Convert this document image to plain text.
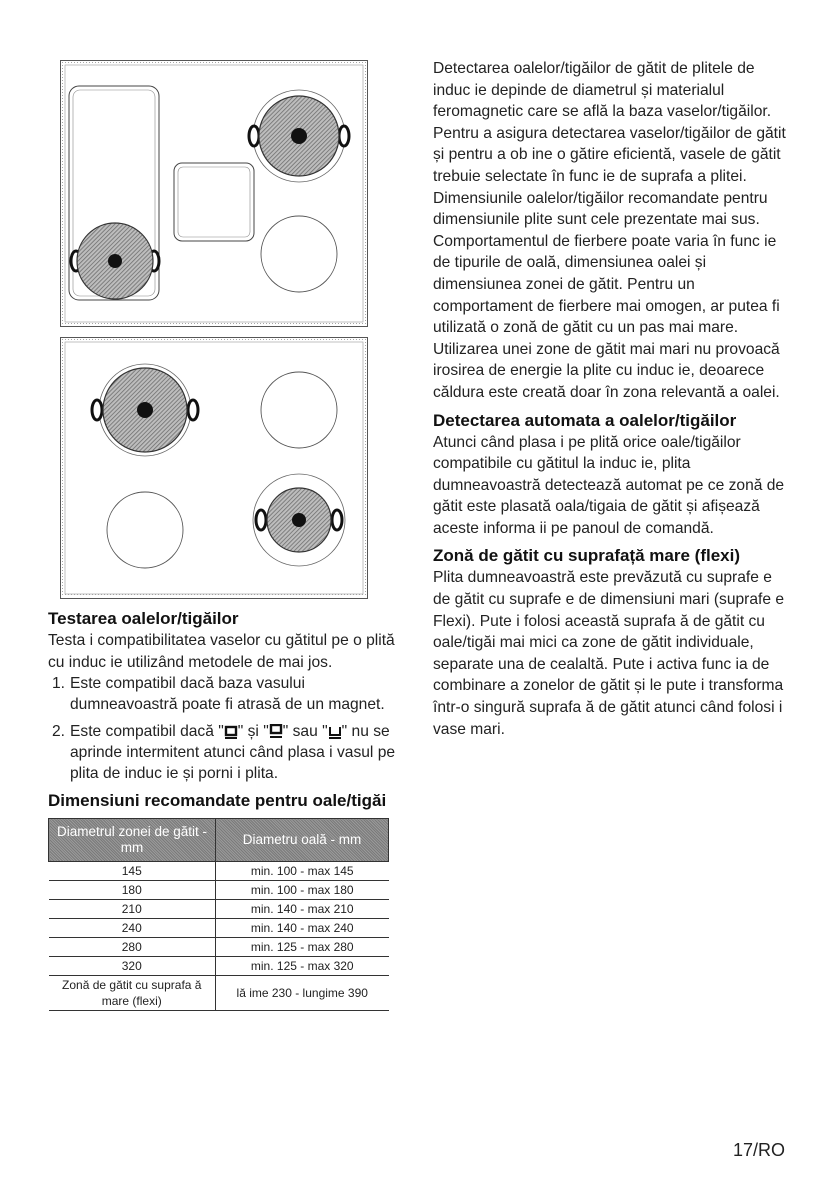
Testarea oalelor/tigăilor

Testa i compatibilitatea vaselor cu gătitul pe o plită cu induc ie utilizând metodele de mai jos.

1. Este compatibil dacă baza vasului dumneavoastră poate fi atrasă de un magnet.
2. Este compatibil dacă " " și " " sau " " nu se aprinde intermitent atunci când plasa i vasul pe plita de induc ie și porni i plita.

Dimensiuni recomandate pentru oale/tigăi

Diametrul zonei de gătit - mm	Diametru oală - mm
145	min. 100 - max 145
180	min. 100 - max 180
210	min. 140 - max 210
240	min. 140 - max 240
280	min. 125 - max 280
320	min. 125 - max 320
Zonă de gătit cu suprafa ă mare (flexi)	lă ime 230 - lungime 390

Detectarea oalelor/tigăilor de gătit de plitele de induc ie depinde de diametrul și materialul feromagnetic care se află la baza vaselor/tigăilor. Pentru a asigura detectarea vaselor/tigăilor de gătit și pentru a ob ine o gătire eficientă, vasele de gătit trebuie selectate în func ie de suprafa a plitei. Dimensiunile oalelor/tigăilor recomandate pentru dimensiunile plite sunt cele prezentate mai sus.

Comportamentul de fierbere poate varia în func ie de tipurile de oală, dimensiunea oalei și dimensiunea zonei de gătit. Pentru un comportament de fierbere mai omogen, ar putea fi utilizată o zonă de gătit cu un pas mai mare. Utilizarea unei zone de gătit mai mari nu provoacă irosirea de energie la plite cu induc ie, deoarece căldura este creată doar în zona relevantă a oalei.

Detectarea automata a oalelor/tigăilor

Atunci când plasa i pe plită orice oale/tigăilor compatibile cu gătitul la induc ie, plita dumneavoastră detectează automat pe ce zonă de gătit este plasată oala/tigaia de gătit și afișează aceste informa ii pe panoul de comandă.

Zonă de gătit cu suprafață mare (flexi)

Plita dumneavoastră este prevăzută cu suprafe e de gătit cu suprafe e de dimensiuni mari (suprafe e Flexi). Pute i folosi această suprafa ă de gătit cu oale/tigăi mai mici ca zone de gătit individuale, separate una de cealaltă. Pute i activa func ia de combinare a zonelor de gătit și le pute i transforma într-o singură suprafa ă de gătit atunci când folosi i vase mari.

17/RO
